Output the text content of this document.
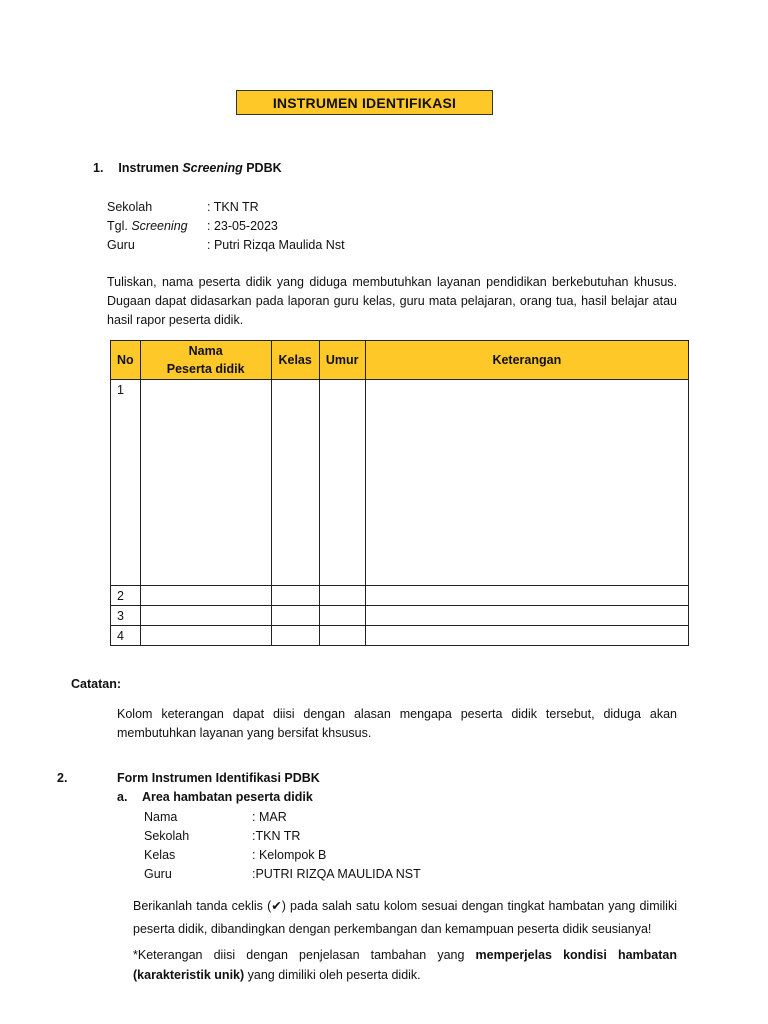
INSTRUMEN IDENTIFIKASI
1. Instrumen Screening PDBK
Sekolah	: TKN TR
Tgl. Screening	: 23-05-2023
Guru	: Putri Rizqa Maulida Nst
Tuliskan, nama peserta didik yang diduga membutuhkan layanan pendidikan berkebutuhan khusus. Dugaan dapat didasarkan pada laporan guru kelas, guru mata pelajaran, orang tua, hasil belajar atau hasil rapor peserta didik.
No	Nama
Peserta didik	Kelas	Umur	Keterangan
1				
2				
3				
4				
Catatan:
Kolom keterangan dapat diisi dengan alasan mengapa peserta didik tersebut, diduga akan membutuhkan layanan yang bersifat khsusus.
2.	Form Instrumen Identifikasi PDBK
a. Area hambatan peserta didik
Nama	: MAR
Sekolah	:TKN TR
Kelas	: Kelompok B
Guru	:PUTRI RIZQA MAULIDA NST
Berikanlah tanda ceklis (✔) pada salah satu kolom sesuai dengan tingkat hambatan yang dimiliki peserta didik, dibandingkan dengan perkembangan dan kemampuan peserta didik seusianya!
*Keterangan diisi dengan penjelasan tambahan yang memperjelas kondisi hambatan (karakteristik unik) yang dimiliki oleh peserta didik.
